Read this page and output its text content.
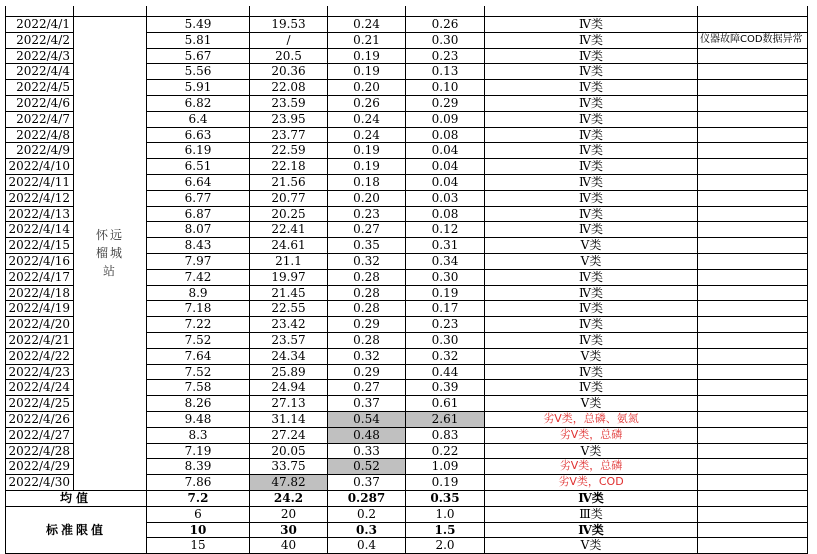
2022/4/1	怀远榴城站	5.49	19.53	0.24	0.26	Ⅳ类	
2022/4/2		5.81	/	0.21	0.30	Ⅳ类	仪器故障COD数据异常
2022/4/3		5.67	20.5	0.19	0.23	Ⅳ类	
2022/4/4		5.56	20.36	0.19	0.13	Ⅳ类	
2022/4/5		5.91	22.08	0.20	0.10	Ⅳ类	
2022/4/6		6.82	23.59	0.26	0.29	Ⅳ类	
2022/4/7		6.4	23.95	0.24	0.09	Ⅳ类	
2022/4/8		6.63	23.77	0.24	0.08	Ⅳ类	
2022/4/9		6.19	22.59	0.19	0.04	Ⅳ类	
2022/4/10		6.51	22.18	0.19	0.04	Ⅳ类	
2022/4/11		6.64	21.56	0.18	0.04	Ⅳ类	
2022/4/12		6.77	20.77	0.20	0.03	Ⅳ类	
2022/4/13		6.87	20.25	0.23	0.08	Ⅳ类	
2022/4/14		8.07	22.41	0.27	0.12	Ⅳ类	
2022/4/15		8.43	24.61	0.35	0.31	Ⅴ类	
2022/4/16		7.97	21.1	0.32	0.34	Ⅴ类	
2022/4/17		7.42	19.97	0.28	0.30	Ⅳ类	
2022/4/18		8.9	21.45	0.28	0.19	Ⅳ类	
2022/4/19		7.18	22.55	0.28	0.17	Ⅳ类	
2022/4/20		7.22	23.42	0.29	0.23	Ⅳ类	
2022/4/21		7.52	23.57	0.28	0.30	Ⅳ类	
2022/4/22		7.64	24.34	0.32	0.32	Ⅴ类	
2022/4/23		7.52	25.89	0.29	0.44	Ⅳ类	
2022/4/24		7.58	24.94	0.27	0.39	Ⅳ类	
2022/4/25		8.26	27.13	0.37	0.61	Ⅴ类	
2022/4/26		9.48	31.14	0.54	2.61	劣Ⅴ类，总磷、氨氮	
2022/4/27		8.3	27.24	0.48	0.83	劣Ⅴ类，总磷	
2022/4/28		7.19	20.05	0.33	0.22	Ⅴ类	
2022/4/29		8.39	33.75	0.52	1.09	劣Ⅴ类，总磷	
2022/4/30		7.86	47.82	0.37	0.19	劣Ⅴ类，COD	
均值		7.2	24.2	0.287	0.35	Ⅳ类	
标准限值		6	20	0.2	1.0	Ⅲ类	
		10	30	0.3	1.5	Ⅳ类	
		15	40	0.4	2.0	Ⅴ类	
